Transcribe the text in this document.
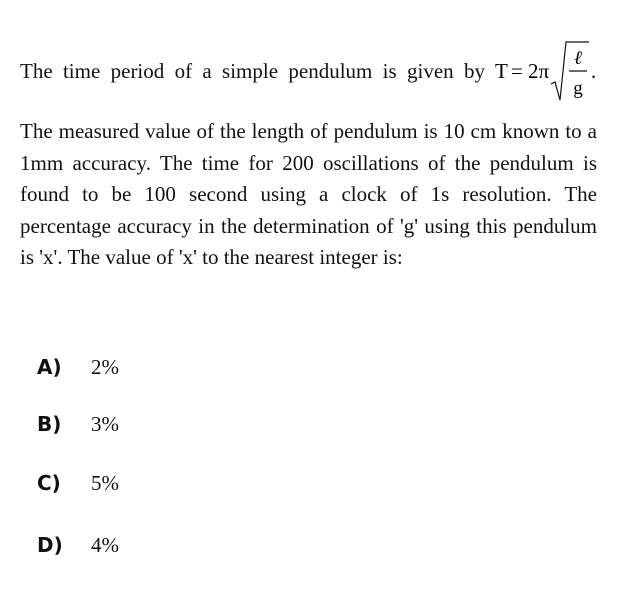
The time period of a simple pendulum is given by T = 2π
ℓ
g
.
The measured value of the length of pendulum is 10 cm known to a 1mm accuracy. The time for 200 oscillations of the pendulum is found to be 100 second using a clock of 1s resolution. The percentage accuracy in the determination of 'g' using this pendulum is 'x'. The value of 'x' to the nearest integer is:
A)	2%
B)	3%
C)	5%
D)	4%
